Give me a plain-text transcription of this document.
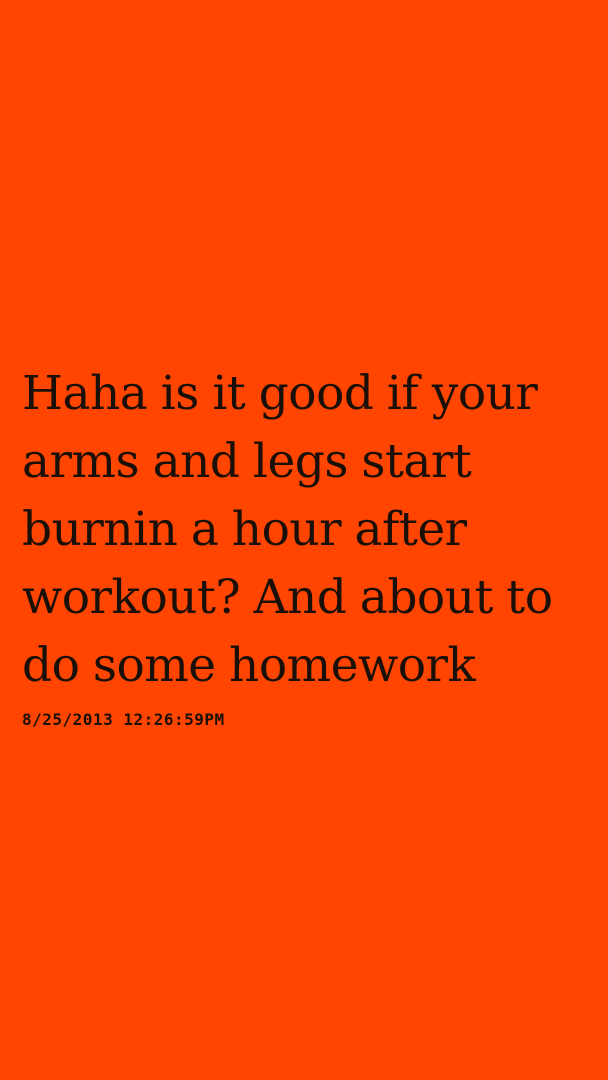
Haha is it good if your arms and legs start burnin a hour after workout? And about to do some homework

8/25/2013 12:26:59PM
